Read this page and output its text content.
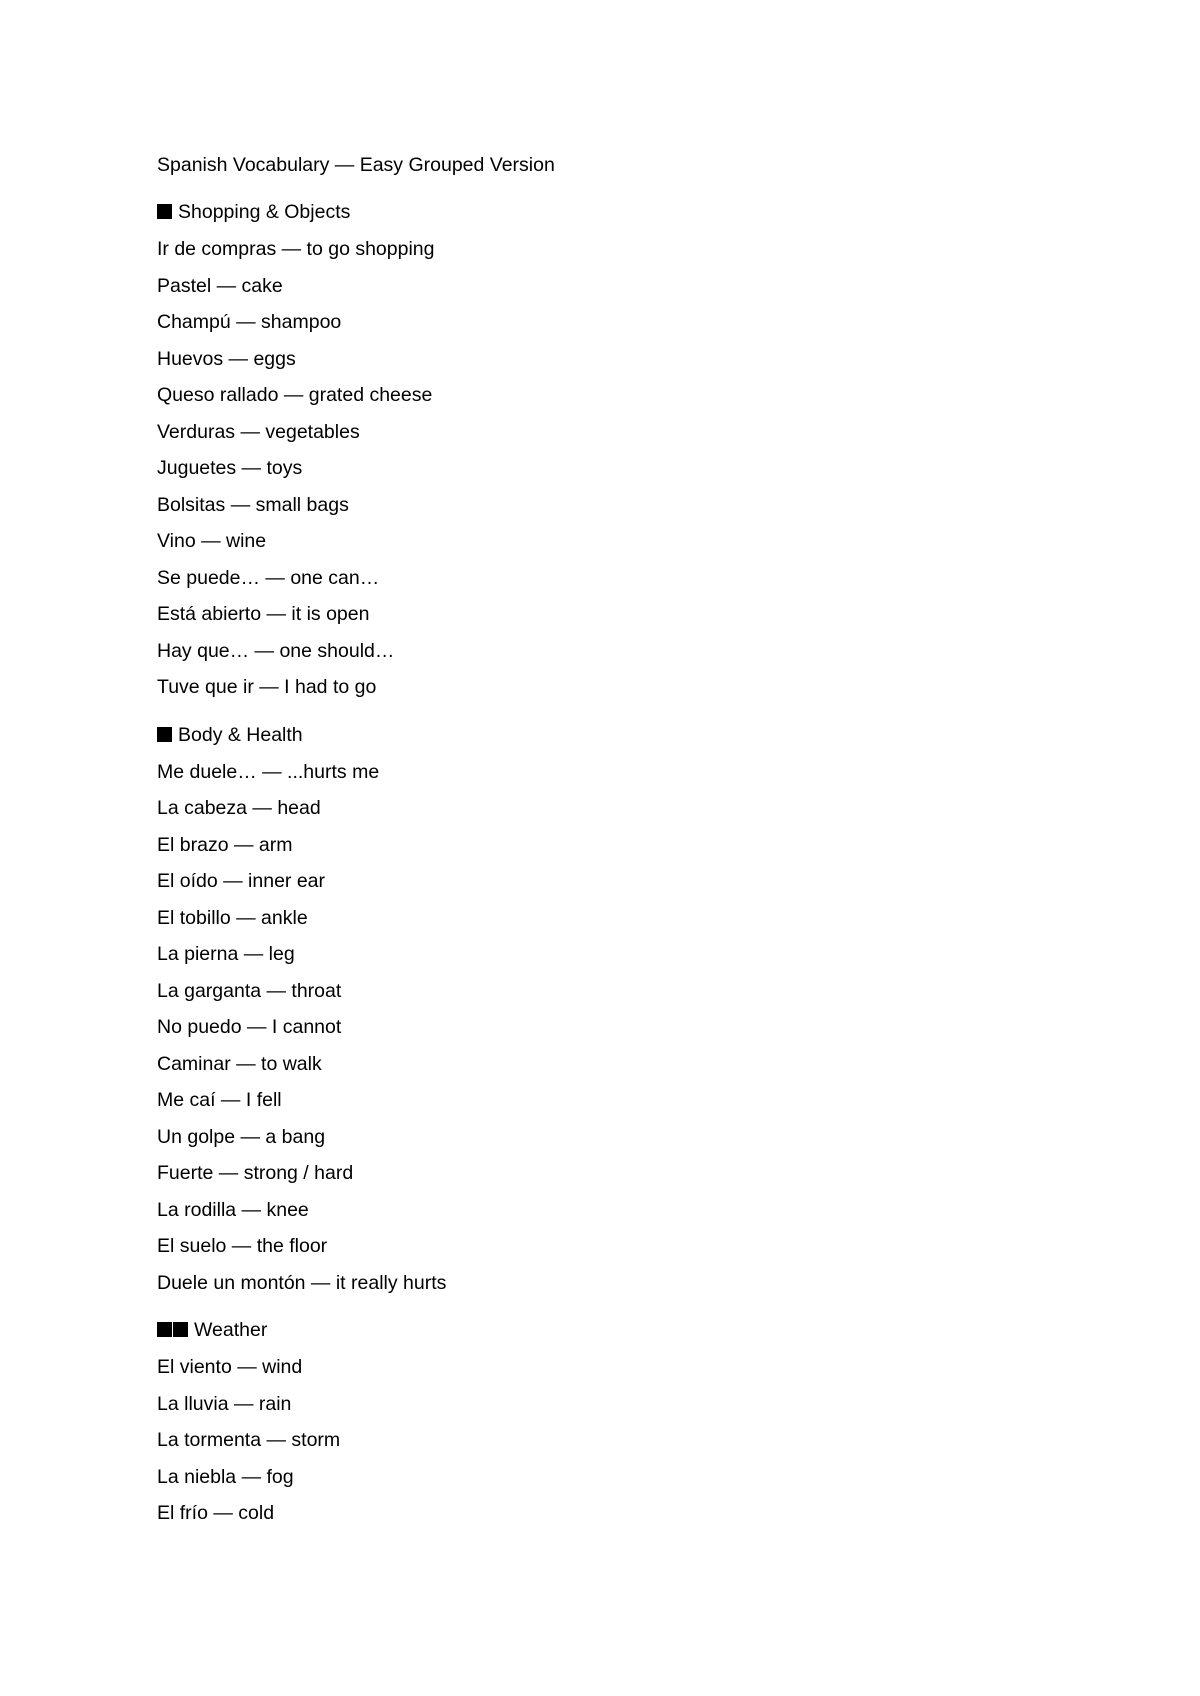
Spanish Vocabulary — Easy Grouped Version
Shopping & Objects
Ir de compras — to go shopping
Pastel — cake
Champú — shampoo
Huevos — eggs
Queso rallado — grated cheese
Verduras — vegetables
Juguetes — toys
Bolsitas — small bags
Vino — wine
Se puede… — one can…
Está abierto — it is open
Hay que… — one should…
Tuve que ir — I had to go
Body & Health
Me duele… — ...hurts me
La cabeza — head
El brazo — arm
El oído — inner ear
El tobillo — ankle
La pierna — leg
La garganta — throat
No puedo — I cannot
Caminar — to walk
Me caí — I fell
Un golpe — a bang
Fuerte — strong / hard
La rodilla — knee
El suelo — the floor
Duele un montón — it really hurts
Weather
El viento — wind
La lluvia — rain
La tormenta — storm
La niebla — fog
El frío — cold
